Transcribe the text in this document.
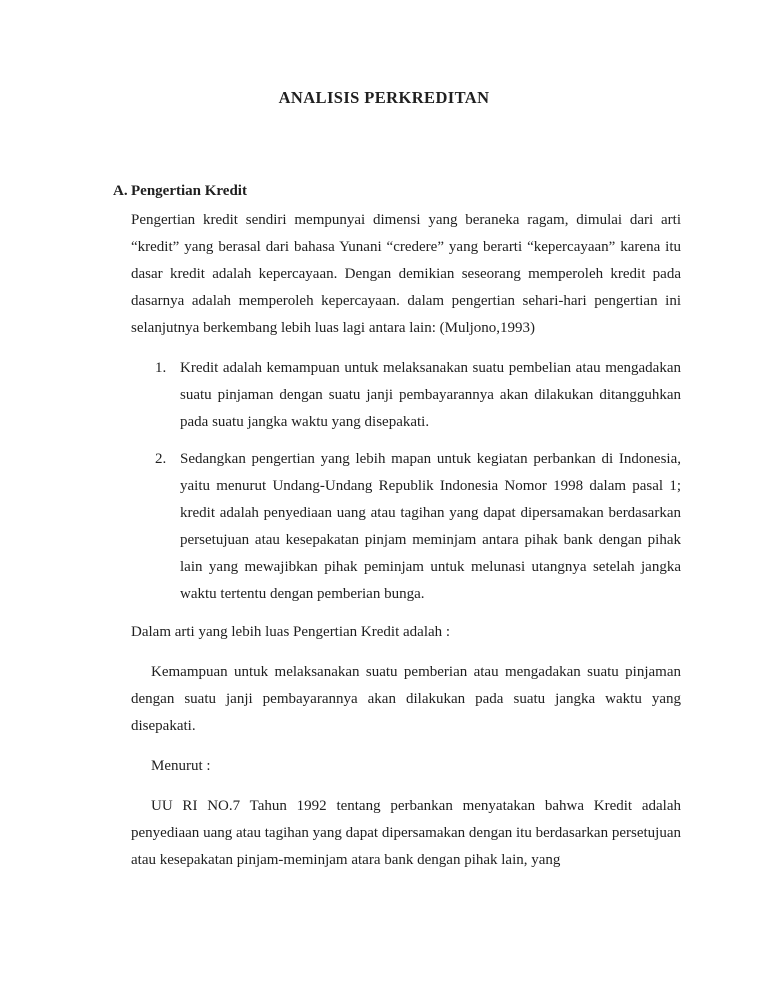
ANALISIS PERKREDITAN
A. Pengertian Kredit

Pengertian kredit sendiri mempunyai dimensi yang beraneka ragam, dimulai dari arti “kredit” yang berasal dari bahasa Yunani “credere” yang berarti “kepercayaan” karena itu dasar kredit adalah kepercayaan. Dengan demikian seseorang memperoleh kredit pada dasarnya adalah memperoleh kepercayaan. dalam pengertian sehari-hari pengertian ini selanjutnya berkembang lebih luas lagi antara lain: (Muljono,1993)

1. Kredit adalah kemampuan untuk melaksanakan suatu pembelian atau mengadakan suatu pinjaman dengan suatu janji pembayarannya akan dilakukan ditangguhkan pada suatu jangka waktu yang disepakati.
2. Sedangkan pengertian yang lebih mapan untuk kegiatan perbankan di Indonesia, yaitu menurut Undang-Undang Republik Indonesia Nomor 1998 dalam pasal 1; kredit adalah penyediaan uang atau tagihan yang dapat dipersamakan berdasarkan persetujuan atau kesepakatan pinjam meminjam antara pihak bank dengan pihak lain yang mewajibkan pihak peminjam untuk melunasi utangnya setelah jangka waktu tertentu dengan pemberian bunga.

Dalam arti yang lebih luas Pengertian Kredit adalah :

Kemampuan untuk melaksanakan suatu pemberian atau mengadakan suatu pinjaman dengan suatu janji pembayarannya akan dilakukan pada suatu jangka waktu yang disepakati.

Menurut :

UU RI NO.7 Tahun 1992 tentang perbankan menyatakan bahwa Kredit adalah penyediaan uang atau tagihan yang dapat dipersamakan dengan itu berdasarkan persetujuan atau kesepakatan pinjam-meminjam atara bank dengan pihak lain, yang
